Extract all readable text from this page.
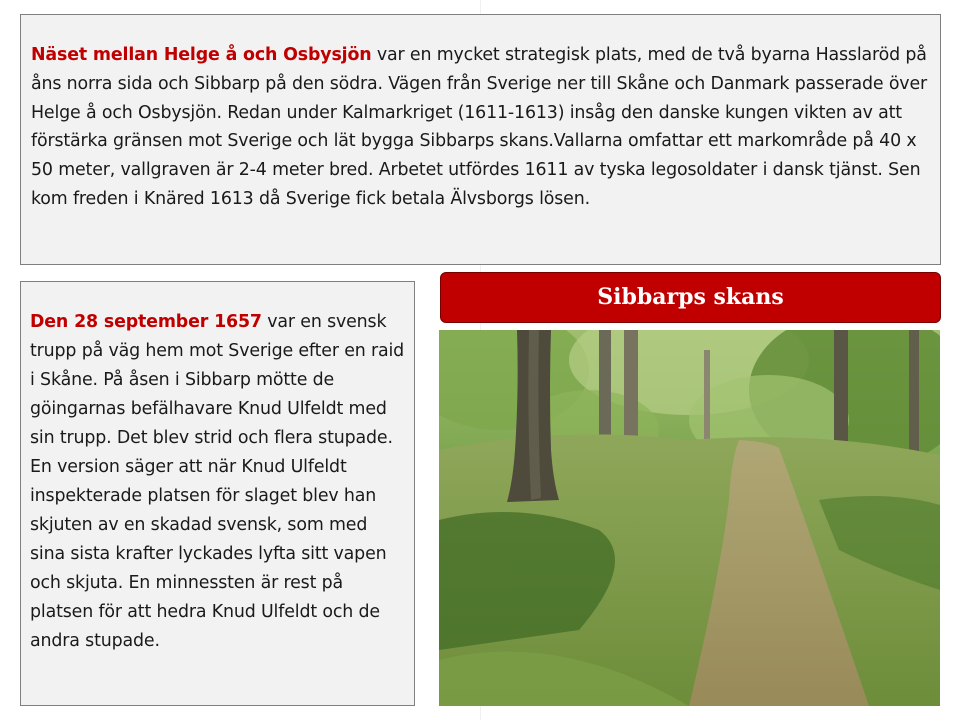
Näset mellan Helge å och Osbysjön var en mycket strategisk plats, med de två byarna Hasslaröd på åns norra sida och Sibbarp på den södra. Vägen från Sverige ner till Skåne och Danmark passerade över Helge å och Osbysjön. Redan under Kalmarkriget (1611-1613) insåg den danske kungen vikten av att förstärka gränsen mot Sverige och lät bygga Sibbarps skans.Vallarna omfattar ett markområde på 40 x 50 meter, vallgraven är 2-4 meter bred. Arbetet utfördes 1611 av tyska legosoldater i dansk tjänst. Sen kom freden i Knäred 1613 då Sverige fick betala Älvsborgs lösen.
Den 28 september 1657 var en svensk trupp på väg hem mot Sverige efter en raid i Skåne. På åsen i Sibbarp mötte de göingarnas befälhavare Knud Ulfeldt med sin trupp. Det blev strid och flera stupade. En version säger att när Knud Ulfeldt inspekterade platsen för slaget blev han skjuten av en skadad svensk, som med sina sista krafter lyckades lyfta sitt vapen och skjuta. En minnessten är rest på platsen för att hedra Knud Ulfeldt och de andra stupade.
Sibbarps skans
